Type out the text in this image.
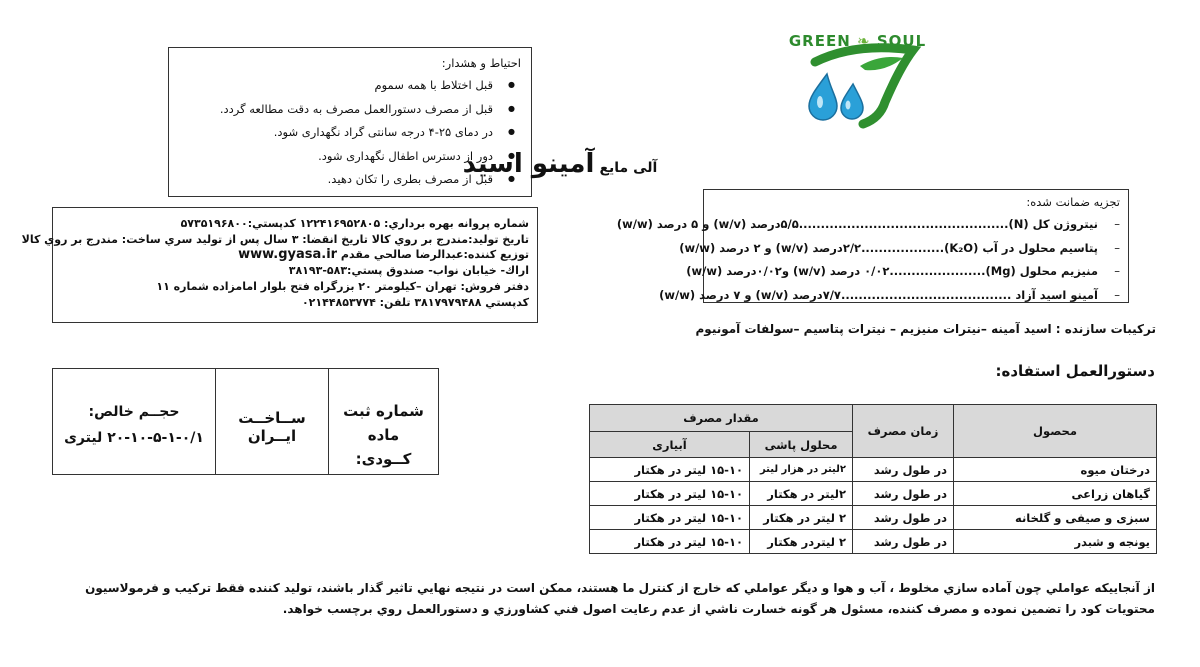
GREEN ❧ SOUL
احتیاط و هشدار:
● قبل اختلاط با همه سموم
● قبل از مصرف دستورالعمل مصرف به دقت مطالعه گردد.
● در دمای ۲۵-۴ درجه سانتی گراد نگهداری شود.
● دور از دسترس اطفال نگهداری شود.
● قبل از مصرف بطری را تکان دهید.
آلی مایع آمینو اسید
تجزیه ضمانت شده:
–
نیتروژن کل (N)................................................۵/۵درصد (w/v) و ۵ درصد (w/w)
–
پتاسیم محلول در آب (K₂O)...................۲/۲درصد (w/v) و ۲ درصد (w/w)
–
منیزیم محلول (Mg)......................۰/۰۲ درصد (w/v) و۰/۰۲درصد (w/w)
–
آمینو اسید آزاد .......................................۷/۷درصد (w/v) و ۷ درصد (w/w)
ترکیبات سازنده : اسید آمینه –نیترات منیزیم – نیترات پتاسیم –سولفات آمونیوم
شماره پروانه بهره برداري: ۱۲۲۴۱۶۹۵۲۸۰۵ کدپستي:۵۷۳۵۱۹۶۸۰۰
تاریخ تولید:مندرج بر روي کالا تاریخ انقضا: ۳ سال پس از تولید سري ساخت: مندرج بر روي کالا
توزیع کننده:عبدالرضا صالحي مقدم www.gyasa.ir
اراك- خیابان نواب- صندوق پستي:۵۸۳-۳۸۱۹۳
دفتر فروش: تهران –کیلومتر ۲۰ بزرگراه فتح بلوار امامزاده شماره ۱۱
کدپستي ۳۸۱۷۹۷۹۴۸۸ تلفن: ۰۲۱۴۴۸۵۳۷۷۴
شماره ثبت ماده
کــودی:
ســاخــت ایــران
حجــم خالص:
۲۰-۱۰-۵-۱-۰/۱ لیتری
دستورالعمل استفاده:
محصول	زمان مصرف	مقدار مصرف	
		محلول پاشی	آبیاری
درختان میوه	در طول رشد	۲لیتر در هزار لیتر	۱۵-۱۰ لیتر در هکتار
گیاهان زراعی	در طول رشد	۲لیتر در هکتار	۱۵-۱۰ لیتر در هکتار
سبزی و صیفی و گلخانه	در طول رشد	۲ لیتر در هکتار	۱۵-۱۰ لیتر در هکتار
یونجه و شبدر	در طول رشد	۲ لیتردر هکتار	۱۵-۱۰ لیتر در هکتار
از آنجاییکه عواملي چون آماده سازي مخلوط ، آب و هوا و دیگر عواملي که خارج از کنترل ما هستند، ممکن است در نتیجه نهایي تاثیر گذار باشند، تولید کننده فقط ترکیب و فرمولاسیون محتویات کود را تضمین نموده و مصرف کننده، مسئول هر گونه خسارت ناشي از عدم رعایت اصول فني کشاورزي و دستورالعمل روي برچسب خواهد.
